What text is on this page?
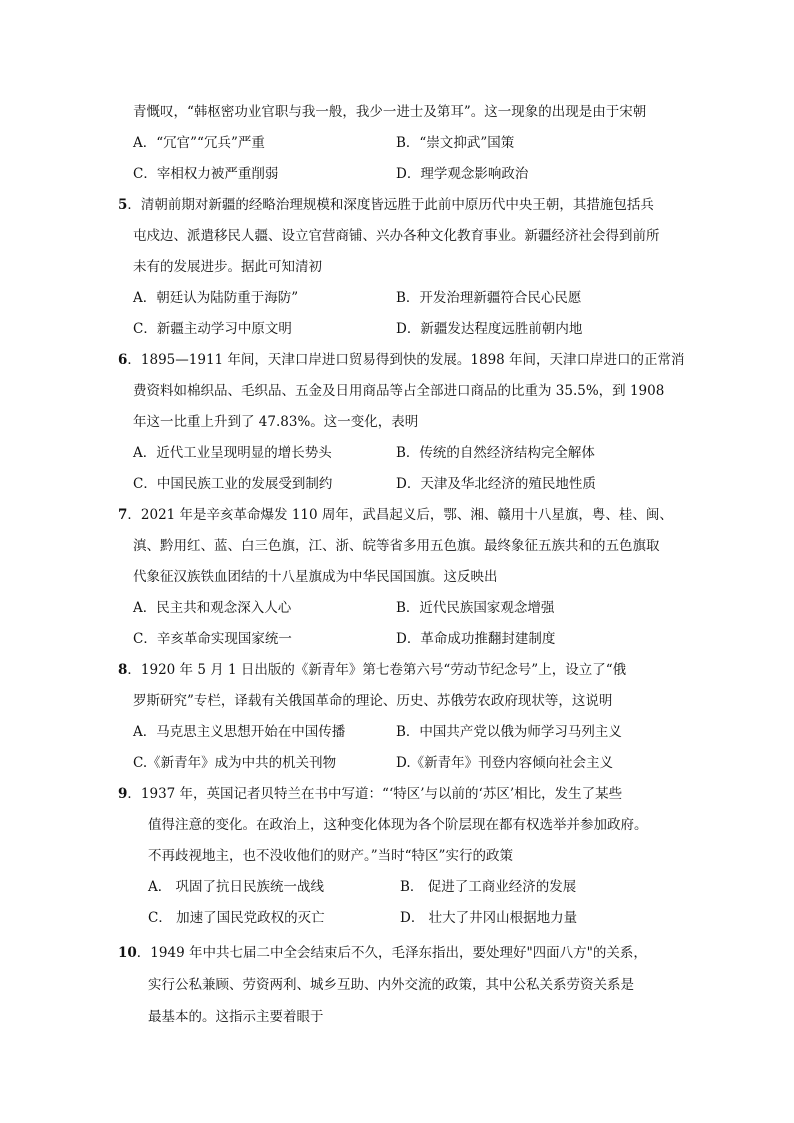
青慨叹，“韩枢密功业官职与我一般，我少一进士及第耳”。这一现象的出现是由于宋朝
A．“冗官”“冗兵”严重	B．“崇文抑武”国策
C．宰相权力被严重削弱	D．理学观念影响政治
5．清朝前期对新疆的经略治理规模和深度皆远胜于此前中原历代中央王朝，其措施包括兵
屯戍边、派遣移民人疆、设立官营商铺、兴办各种文化教育事业。新疆经济社会得到前所
未有的发展进步。据此可知清初
A．朝廷认为陆防重于海防”	B．开发治理新疆符合民心民愿
C．新疆主动学习中原文明	D．新疆发达程度远胜前朝内地
6．1895—1911 年间，天津口岸进口贸易得到快的发展。1898 年间，天津口岸进口的正常消
费资料如棉织品、毛织品、五金及日用商品等占全部进口商品的比重为 35.5%，到 1908
年这一比重上升到了 47.83%。这一变化，表明
A．近代工业呈现明显的增长势头	B．传统的自然经济结构完全解体
C．中国民族工业的发展受到制约	D．天津及华北经济的殖民地性质
7．2021 年是辛亥革命爆发 110 周年，武昌起义后，鄂、湘、赣用十八星旗，粤、桂、闽、
滇、黔用红、蓝、白三色旗，江、浙、皖等省多用五色旗。最终象征五族共和的五色旗取
代象征汉族铁血团结的十八星旗成为中华民国国旗。这反映出
A．民主共和观念深入人心	B．近代民族国家观念增强
C．辛亥革命实现国家统一	D．革命成功推翻封建制度
8．1920 年 5 月 1 日出版的《新青年》第七卷第六号“劳动节纪念号”上，设立了“俄
罗斯研究”专栏，译载有关俄国革命的理论、历史、苏俄劳农政府现状等，这说明
A．马克思主义思想开始在中国传播	B．中国共产党以俄为师学习马列主义
C.《新青年》成为中共的机关刊物	D.《新青年》刊登内容倾向社会主义
9．1937 年，英国记者贝特兰在书中写道：“‘特区’与以前的‘苏区’相比，发生了某些
值得注意的变化。在政治上，这种变化体现为各个阶层现在都有权选举并参加政府。
不再歧视地主，也不没收他们的财产。”当时“特区”实行的政策
A． 巩固了抗日民族统一战线	B． 促进了工商业经济的发展
C． 加速了国民党政权的灭亡	D． 壮大了井冈山根据地力量
10．1949 年中共七届二中全会结束后不久，毛泽东指出，要处理好"四面八方"的关系，
实行公私兼顾、劳资两利、城乡互助、内外交流的政策，其中公私关系劳资关系是
最基本的。这指示主要着眼于
